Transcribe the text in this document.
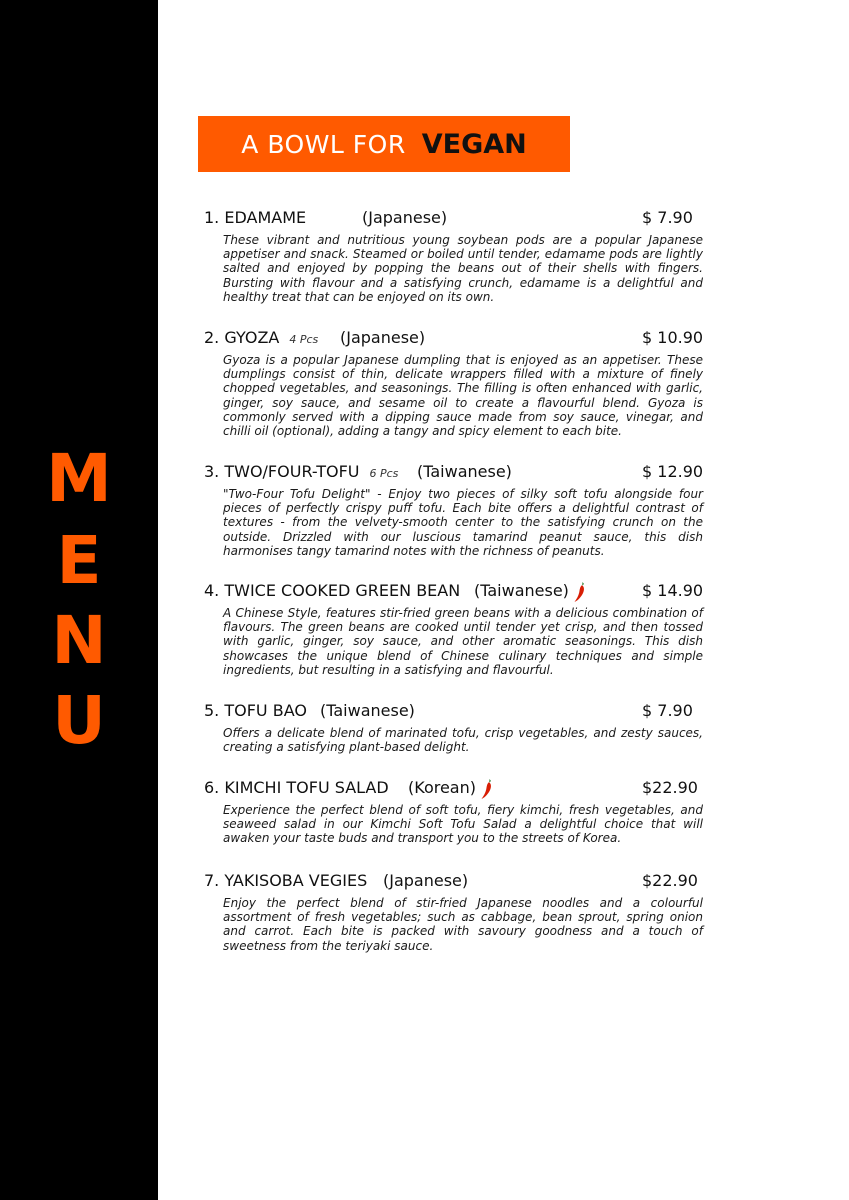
M
E
N
U
A BOWL FOR VEGAN
1. EDAMAME	(Japanese)	$ 7.90
These vibrant and nutritious young soybean pods are a popular Japanese appetiser and snack. Steamed or boiled until tender, edamame pods are lightly salted and enjoyed by popping the beans out of their shells with fingers. Bursting with flavour and a satisfying crunch, edamame is a delightful and healthy treat that can be enjoyed on its own.
2. GYOZA 4 Pcs (Japanese)	$ 10.90
Gyoza is a popular Japanese dumpling that is enjoyed as an appetiser. These dumplings consist of thin, delicate wrappers filled with a mixture of finely chopped vegetables, and seasonings. The filling is often enhanced with garlic, ginger, soy sauce, and sesame oil to create a flavourful blend. Gyoza is commonly served with a dipping sauce made from soy sauce, vinegar, and chilli oil (optional), adding a tangy and spicy element to each bite.
3. TWO/FOUR-TOFU 6 Pcs (Taiwanese)	$ 12.90
"Two-Four Tofu Delight" - Enjoy two pieces of silky soft tofu alongside four pieces of perfectly crispy puff tofu. Each bite offers a delightful contrast of textures - from the velvety-smooth center to the satisfying crunch on the outside. Drizzled with our luscious tamarind peanut sauce, this dish harmonises tangy tamarind notes with the richness of peanuts.
4. TWICE COOKED GREEN BEAN (Taiwanese)	$ 14.90
A Chinese Style, features stir-fried green beans with a delicious combination of flavours. The green beans are cooked until tender yet crisp, and then tossed with garlic, ginger, soy sauce, and other aromatic seasonings. This dish showcases the unique blend of Chinese culinary techniques and simple ingredients, but resulting in a satisfying and flavourful.
5. TOFU BAO (Taiwanese)	$ 7.90
Offers a delicate blend of marinated tofu, crisp vegetables, and zesty sauces, creating a satisfying plant-based delight.
6. KIMCHI TOFU SALAD (Korean)	$22.90
Experience the perfect blend of soft tofu, fiery kimchi, fresh vegetables, and seaweed salad in our Kimchi Soft Tofu Salad a delightful choice that will awaken your taste buds and transport you to the streets of Korea.
7. YAKISOBA VEGIES (Japanese)	$22.90
Enjoy the perfect blend of stir-fried Japanese noodles and a colourful assortment of fresh vegetables; such as cabbage, bean sprout, spring onion and carrot. Each bite is packed with savoury goodness and a touch of sweetness from the teriyaki sauce.
